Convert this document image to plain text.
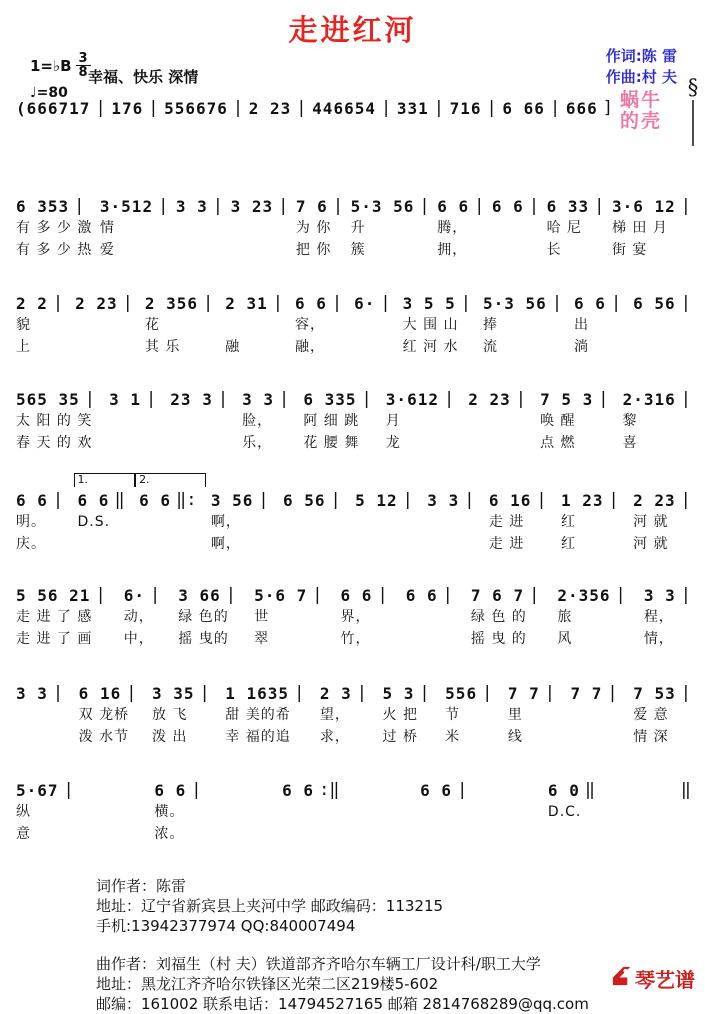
走进红河
1=♭B $\frac{3}{8}$
♩=80
幸福、快乐 深情
作词:陈 雷
作曲:村 夫
蜗牛
的壳
§
(666717 | 176 | 556676 | 2 23 | 446654 | 331 | 716 | 6 66 | 666 ]
6 353 |
有 多 少 激
有 多 少 热
3·512 |
情
爱
3 3 | 3 23 | 7 6 |
为 你
把 你
5·3 56 |
升
簇
6 6 |
腾，
拥，
6 6 | 6 33 |
哈 尼
长
3·6 12 |
梯 田 月
街 宴
2 2 |
貌
上
2 23 | 2 356 |
花
其 乐
2 31 |
融
6 6 |
容，
融，
6· | 3 5 5 |
大 围 山
红 河 水
5·3 56 |
捧
流
6 6 |
出
淌
6 56 |
565 35 |
太 阳 的 笑
春 天 的 欢
3 1 | 23 3 | 3 3 |
脸，
乐，
6 335 |
阿 细 跳
花 腰 舞
3·612 |
月
龙
2 23 | 7 5 3 |
唤 醒
点 燃
2·316 |
黎
喜
6 6 |
明。
庆。
1.
6 6 ‖
D.S.
2.
6 6 ‖: 3 56 |
啊，
啊，
6 56 | 5 12 | 3 3 | 6 16 |
走 进
走 进
1 23 |
红
红
2 23 |
河 就
河 就
5 56 21 |
走 进 了 感
走 进 了 画
6· |
动，
中，
3 66 |
绿 色的
摇 曳的
5·6 7 |
世
翠
6 6 |
界，
竹，
6 6 | 7 6 7 |
绿 色 的
摇 曳 的
2·356 |
旅
风
3 3 |
程，
情，
3 3 | 6 16 |
双 龙桥
泼 水节
3 35 |
放 飞
泼 出
1 1635 |
甜 美的希
幸 福的追
2 3 |
望，
求，
5 3 |
火 把
过 桥
556 |
节
米
7 7 |
里
线
7 7 | 7 53 |
爱 意
情 深
5·67 |
纵
意
6 6 |
横。
浓。
6 6 :‖	6 6 |	6 0 ‖
D.C.
‖
词作者：陈雷
地址：辽宁省新宾县上夹河中学 邮政编码：113215
手机:13942377974 QQ:840007494
曲作者：刘福生（村 夫）铁道部齐齐哈尔车辆工厂设计科/职工大学
地址：黑龙江齐齐哈尔铁锋区光荣二区219楼5-602
邮编：161002 联系电话：14794527165 邮箱 2814768289@qq.com
琴艺谱
